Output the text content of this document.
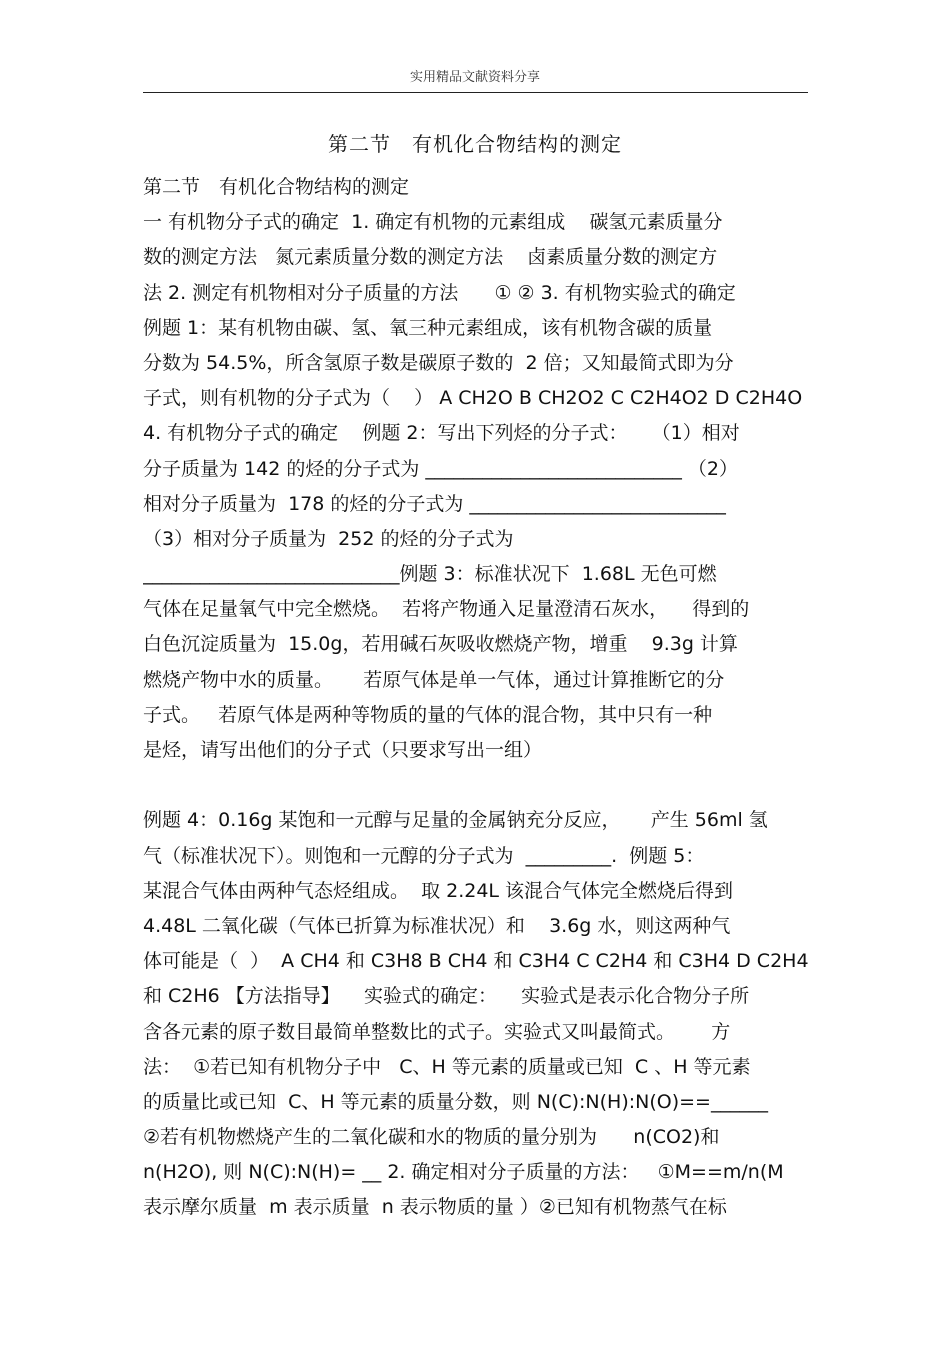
实用精品文献资料分享
第二节　有机化合物结构的测定
第二节　有机化合物结构的测定
一 有机物分子式的确定  1. 确定有机物的元素组成    碳氢元素质量分
数的测定方法   氮元素质量分数的测定方法    卤素质量分数的测定方
法 2. 测定有机物相对分子质量的方法      ① ② 3. 有机物实验式的确定
例题 1：某有机物由碳、氢、氧三种元素组成，该有机物含碳的质量
分数为 54.5%，所含氢原子数是碳原子数的  2 倍；又知最简式即为分
子式，则有机物的分子式为（    ） A CH2O B CH2O2 C C2H4O2 D C2H4O
4. 有机物分子式的确定    例题 2：写出下列烃的分子式：    （1）相对
分子质量为 142 的烃的分子式为 ___________________________ （2）
相对分子质量为  178 的烃的分子式为 ___________________________
（3）相对分子质量为  252 的烃的分子式为
___________________________例题 3：标准状况下  1.68L 无色可燃
气体在足量氧气中完全燃烧。  若将产物通入足量澄清石灰水，    得到的
白色沉淀质量为  15.0g，若用碱石灰吸收燃烧产物，增重    9.3g 计算
燃烧产物中水的质量。     若原气体是单一气体，通过计算推断它的分
子式。   若原气体是两种等物质的量的气体的混合物，其中只有一种
是烃，请写出他们的分子式（只要求写出一组）
例题 4：0.16g 某饱和一元醇与足量的金属钠充分反应，     产生 56ml 氢
气（标准状况下）。则饱和一元醇的分子式为  _________.  例题 5：
某混合气体由两种气态烃组成。  取 2.24L 该混合气体完全燃烧后得到
4.48L 二氧化碳（气体已折算为标准状况）和    3.6g 水，则这两种气
体可能是（  ）  A CH4 和 C3H8 B CH4 和 C3H4 C C2H4 和 C3H4 D C2H4
和 C2H6 【方法指导】    实验式的确定：    实验式是表示化合物分子所
含各元素的原子数目最简单整数比的式子。实验式又叫最简式。      方
法：  ①若已知有机物分子中   C、H 等元素的质量或已知  C 、H 等元素
的质量比或已知  C、H 等元素的质量分数，则 N(C):N(H):N(O)==______
②若有机物燃烧产生的二氧化碳和水的物质的量分别为      n(CO2)和
n(H2O), 则 N(C):N(H)= __ 2. 确定相对分子质量的方法：   ①M==m/n(M
表示摩尔质量  m 表示质量  n 表示物质的量 ）②已知有机物蒸气在标
